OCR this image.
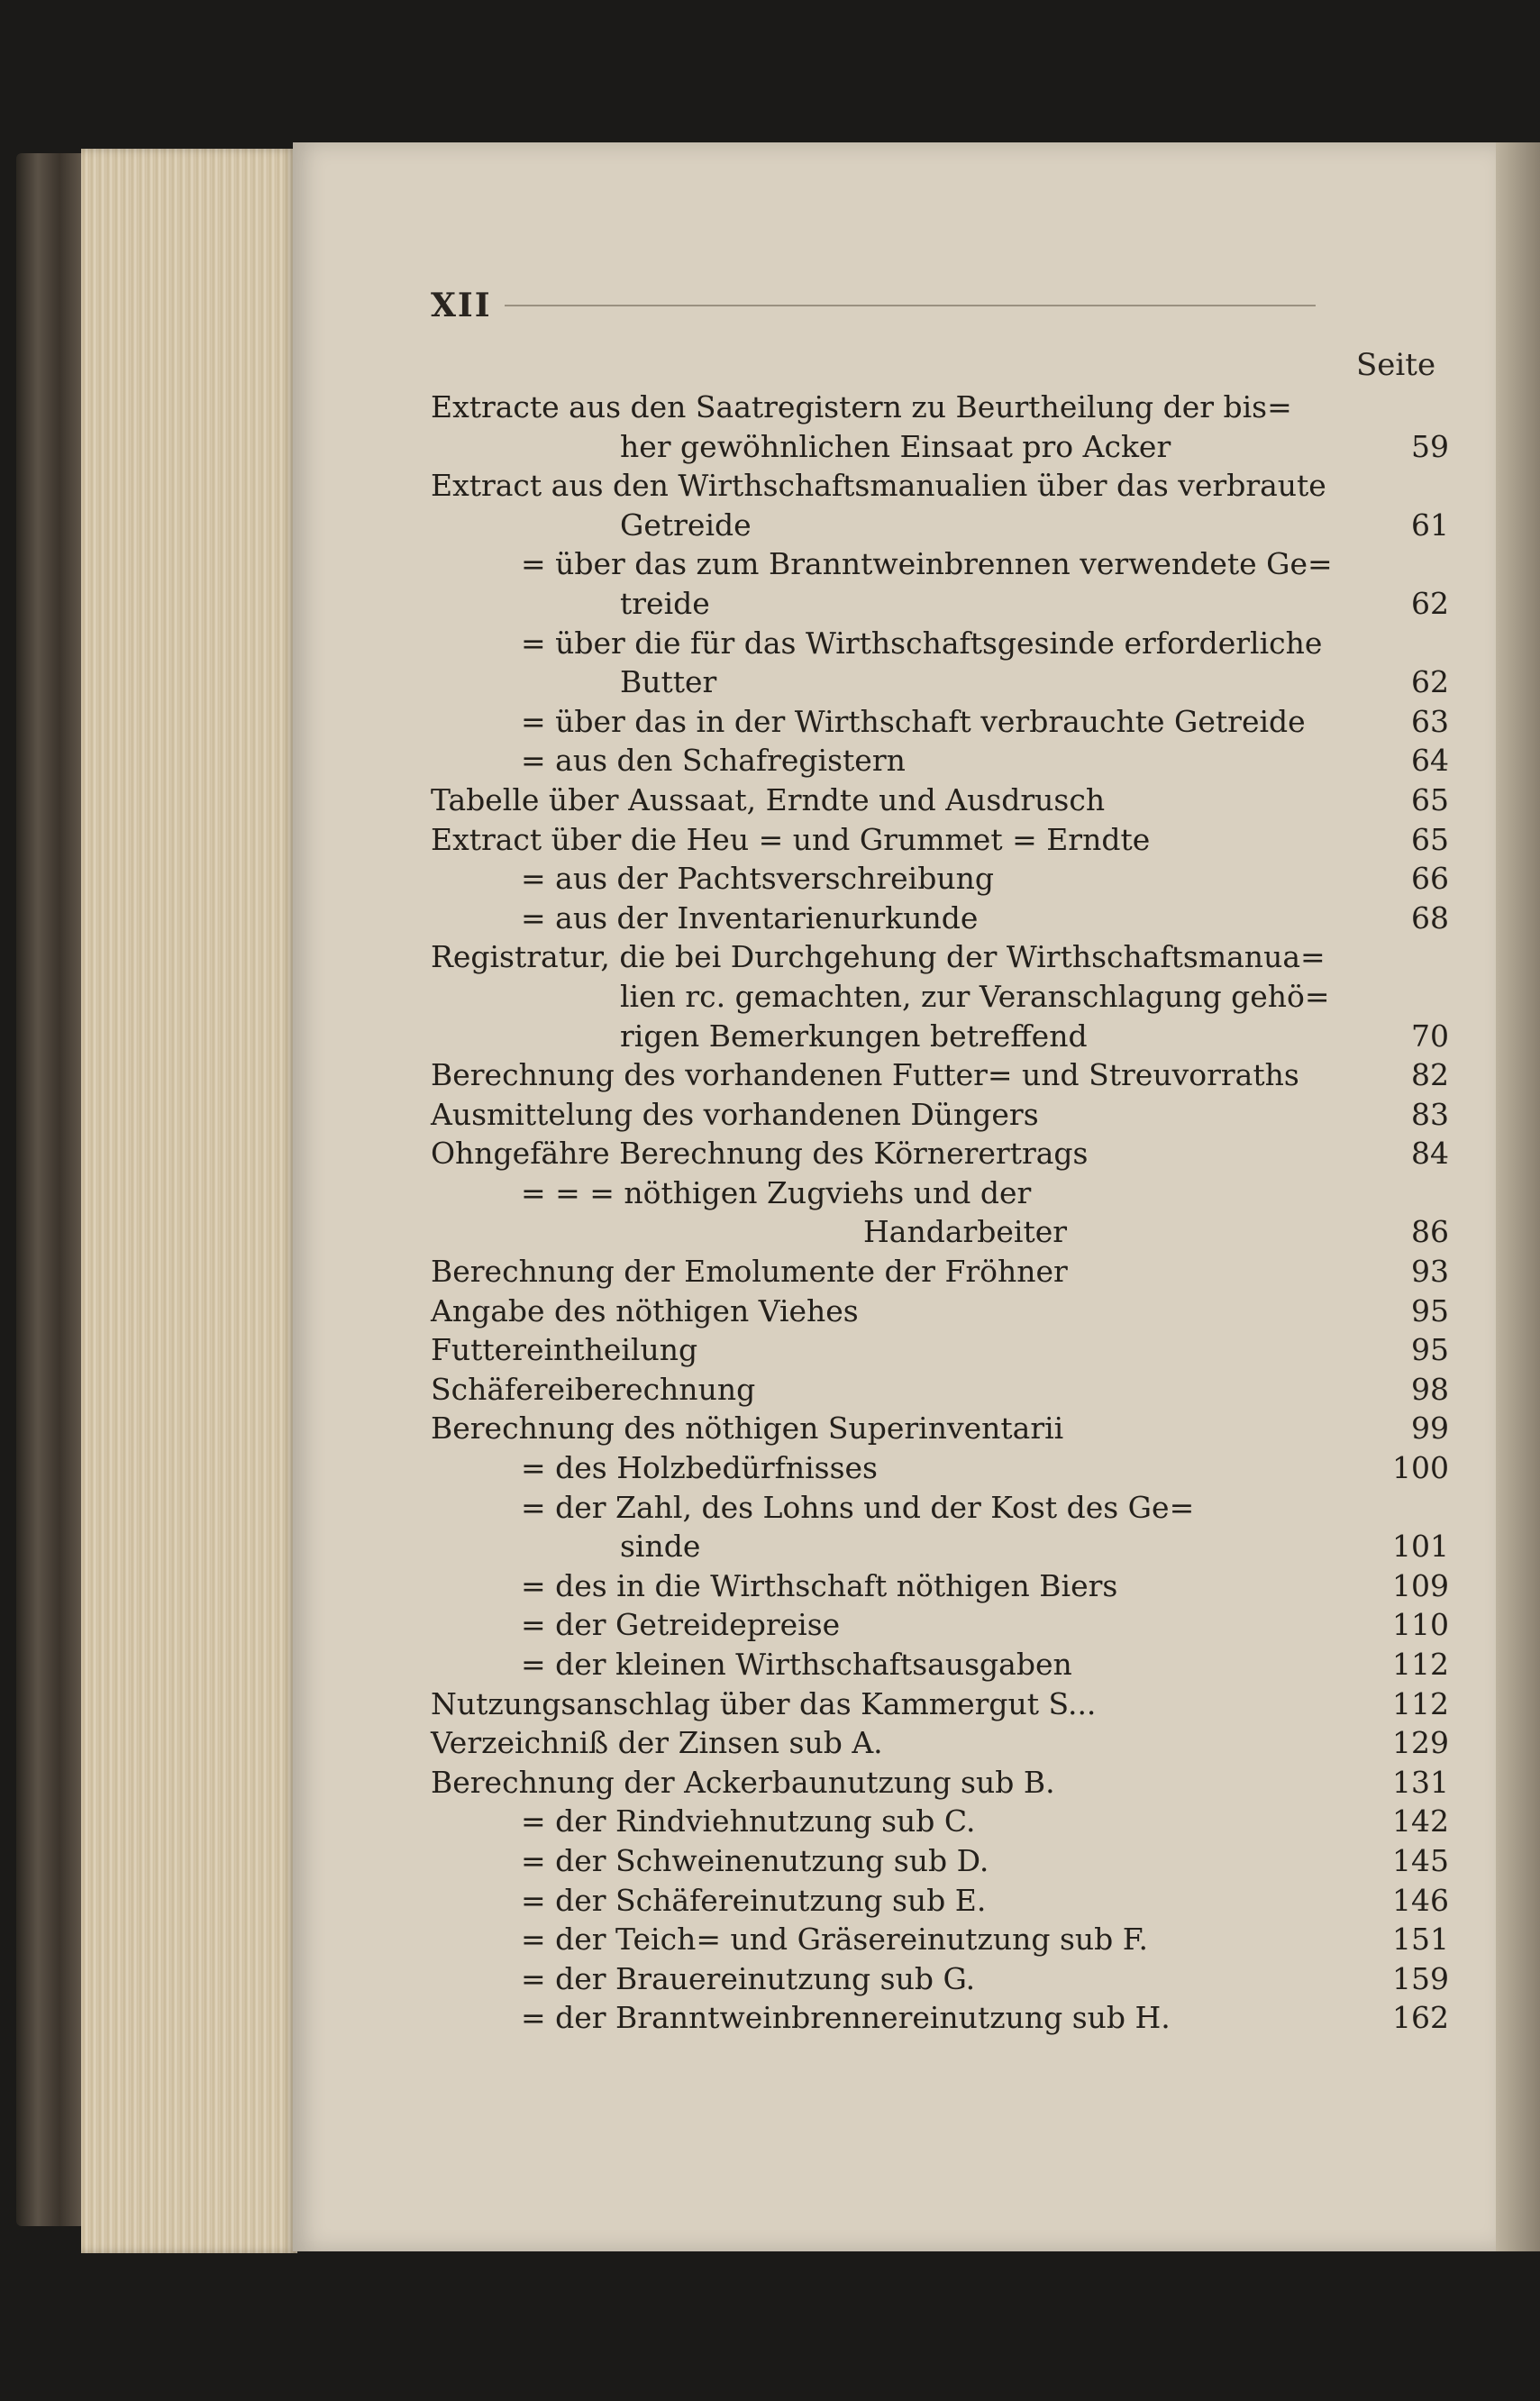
XII
Seite
Extracte aus den Saatregistern zu Beurtheilung der bis=
her gewöhnlichen Einsaat pro Acker	59
Extract aus den Wirthschaftsmanualien über das verbraute
Getreide	61
= über das zum Branntweinbrennen verwendete Ge=
treide	62
= über die für das Wirthschaftsgesinde erforderliche
Butter	62
= über das in der Wirthschaft verbrauchte Getreide	63
= aus den Schafregistern	64
Tabelle über Aussaat, Erndte und Ausdrusch	65
Extract über die Heu = und Grummet = Erndte	65
= aus der Pachtsverschreibung	66
= aus der Inventarienurkunde	68
Registratur, die bei Durchgehung der Wirthschaftsmanua=
lien rc. gemachten, zur Veranschlagung gehö=
rigen Bemerkungen betreffend	70
Berechnung des vorhandenen Futter= und Streuvorraths	82
Ausmittelung des vorhandenen Düngers	83
Ohngefähre Berechnung des Körnerertrags	84
= = = nöthigen Zugviehs und der
Handarbeiter	86
Berechnung der Emolumente der Fröhner	93
Angabe des nöthigen Viehes	95
Futtereintheilung	95
Schäfereiberechnung	98
Berechnung des nöthigen Superinventarii	99
= des Holzbedürfnisses	100
= der Zahl, des Lohns und der Kost des Ge=
sinde	101
= des in die Wirthschaft nöthigen Biers	109
= der Getreidepreise	110
= der kleinen Wirthschaftsausgaben	112
Nutzungsanschlag über das Kammergut S...	112
Verzeichniß der Zinsen sub A.	129
Berechnung der Ackerbaunutzung sub B.	131
= der Rindviehnutzung sub C.	142
= der Schweinenutzung sub D.	145
= der Schäfereinutzung sub E.	146
= der Teich= und Gräsereinutzung sub F.	151
= der Brauereinutzung sub G.	159
= der Branntweinbrennereinutzung sub H.	162
